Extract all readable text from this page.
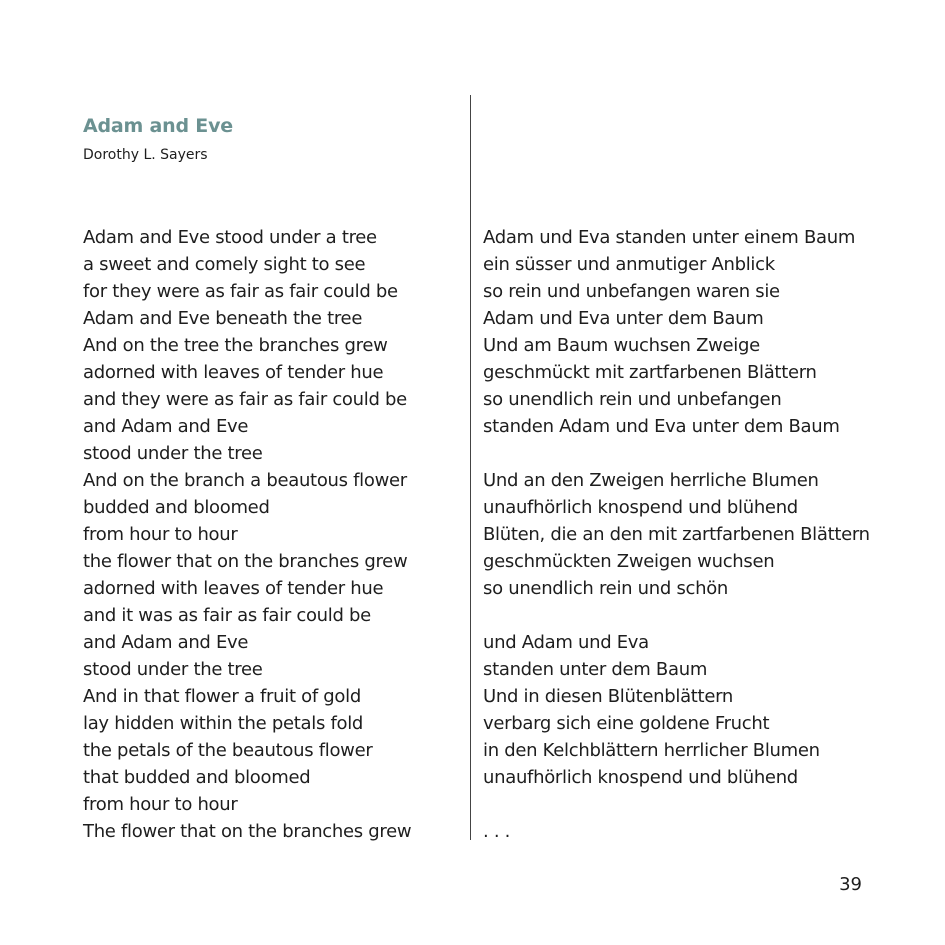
Adam and Eve
Dorothy L. Sayers
Adam and Eve stood under a tree
a sweet and comely sight to see
for they were as fair as fair could be
Adam and Eve beneath the tree
And on the tree the branches grew
adorned with leaves of tender hue
and they were as fair as fair could be
and Adam and Eve
stood under the tree
And on the branch a beautous flower
budded and bloomed
from hour to hour
the flower that on the branches grew
adorned with leaves of tender hue
and it was as fair as fair could be
and Adam and Eve
stood under the tree
And in that flower a fruit of gold
lay hidden within the petals fold
the petals of the beautous flower
that budded and bloomed
from hour to hour
The flower that on the branches grew
Adam und Eva standen unter einem Baum
ein süsser und anmutiger Anblick
so rein und unbefangen waren sie
Adam und Eva unter dem Baum
Und am Baum wuchsen Zweige
geschmückt mit zartfarbenen Blättern
so unendlich rein und unbefangen
standen Adam und Eva unter dem Baum
Und an den Zweigen herrliche Blumen
unaufhörlich knospend und blühend
Blüten, die an den mit zartfarbenen Blättern
geschmückten Zweigen wuchsen
so unendlich rein und schön
und Adam und Eva
standen unter dem Baum
Und in diesen Blütenblättern
verbarg sich eine goldene Frucht
in den Kelchblättern herrlicher Blumen
unaufhörlich knospend und blühend
. . .
39
